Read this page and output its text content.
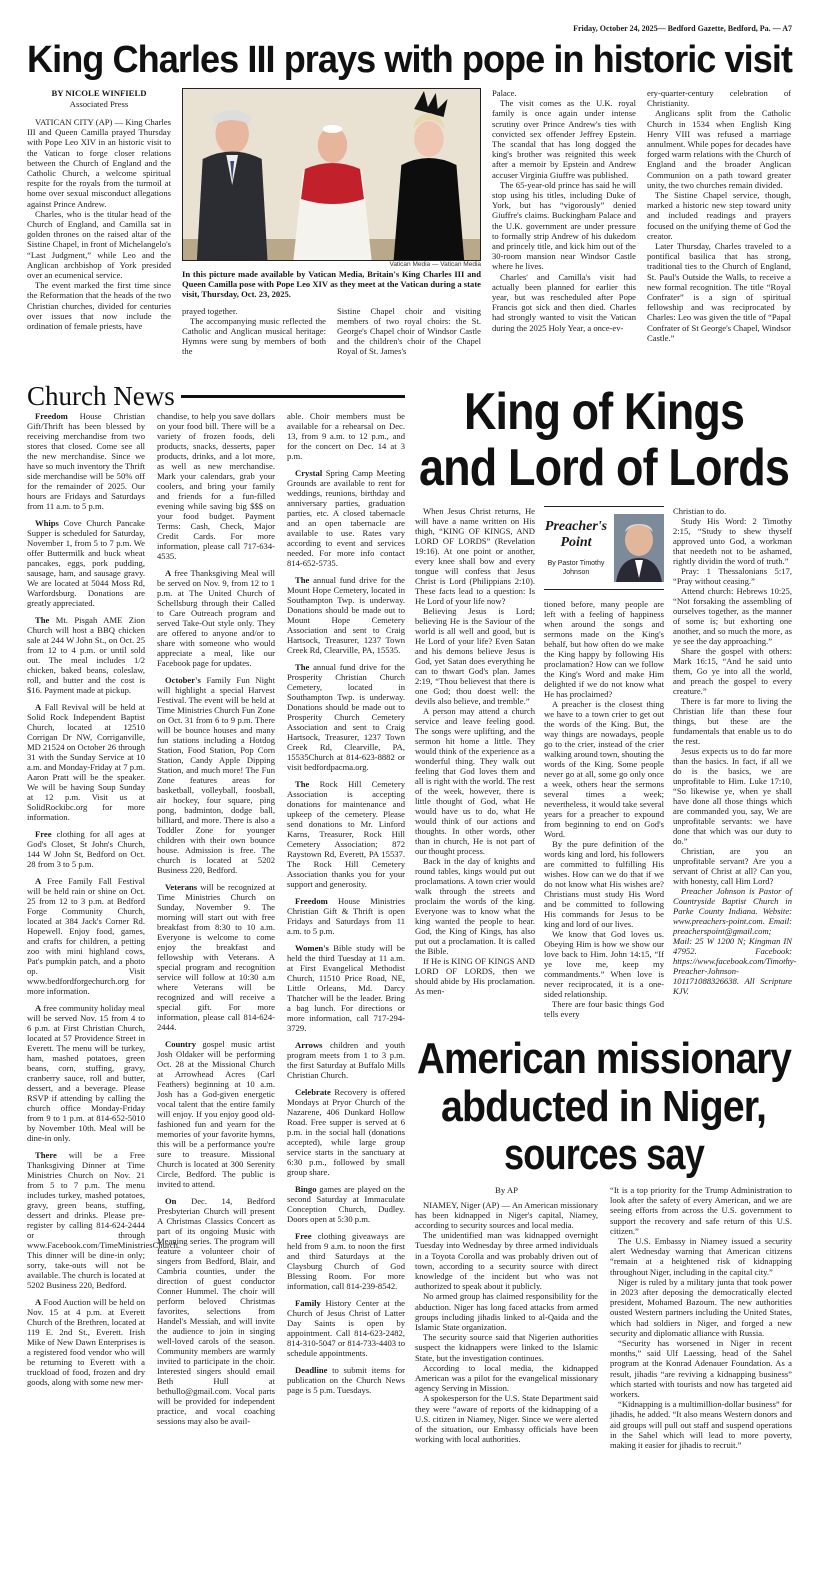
Friday, October 24, 2025— Bedford Gazette, Bedford, Pa. — A7
King Charles III prays with pope in historic visit
BY NICOLE WINFIELD
Associated Press

VATICAN CITY (AP) — King Charles III and Queen Camilla prayed Thursday with Pope Leo XIV in an historic visit to the Vatican to forge closer relations between the Church of England and the Catholic Church, a welcome spiritual respite for the royals from the turmoil at home over sexual misconduct allegations against Prince Andrew.

Charles, who is the titular head of the Church of England, and Camilla sat in golden thrones on the raised altar of the Sistine Chapel, in front of Michelangelo's “Last Judgment,” while Leo and the Anglican archbishop of York presided over an ecumenical service.

The event marked the first time since the Reformation that the heads of the two Christian churches, divided for centuries over issues that now include the ordination of female priests, have

Vatican Media — Vatican Media
In this picture made available by Vatican Media, Britain's King Charles III and Queen Camilla pose with Pope Leo XIV as they meet at the Vatican during a state visit, Thursday, Oct. 23, 2025.

prayed together.

The accompanying music reflected the Catholic and Anglican musical heritage: Hymns were sung by members of both the

Sistine Chapel choir and visiting members of two royal choirs: the St. George's Chapel choir of Windsor Castle and the children's choir of the Chapel Royal of St. James's

Palace.

The visit comes as the U.K. royal family is once again under intense scrutiny over Prince Andrew's ties with convicted sex offender Jeffrey Epstein. The scandal that has long dogged the king's brother was reignited this week after a memoir by Epstein and Andrew accuser Virginia Giuffre was published.

The 65-year-old prince has said he will stop using his titles, including Duke of York, but has “vigorously” denied Giuffre's claims. Buckingham Palace and the U.K. government are under pressure to formally strip Andrew of his dukedom and princely title, and kick him out of the 30-room mansion near Windsor Castle where he lives.

Charles' and Camilla's visit had actually been planned for earlier this year, but was rescheduled after Pope Francis got sick and then died. Charles had strongly wanted to visit the Vatican during the 2025 Holy Year, a once-ev-

ery-quarter-century celebration of Christianity.

Anglicans split from the Catholic Church in 1534 when English King Henry VIII was refused a marriage annulment. While popes for decades have forged warm relations with the Church of England and the broader Anglican Communion on a path toward greater unity, the two churches remain divided.

The Sistine Chapel service, though, marked a historic new step toward unity and included readings and prayers focused on the unifying theme of God the creator.

Later Thursday, Charles traveled to a pontifical basilica that has strong, traditional ties to the Church of England, St. Paul's Outside the Walls, to receive a new formal recognition. The title “Royal Confrater” is a sign of spiritual fellowship and was reciprocated by Charles: Leo was given the title of “Papal Confrater of St George's Chapel, Windsor Castle.”

Church News

Freedom House Christian Gift/Thrift has been blessed by receiving merchandise from two stores that closed. Come see all the new merchandise. Since we have so much inventory the Thrift side merchandise will be 50% off for the remainder of 2025. Our hours are Fridays and Saturdays from 11 a.m. to 5 p.m.

Whips Cove Church Pancake Supper is scheduled for Saturday, November 1, from 5 to 7 p.m. We offer Buttermilk and buck wheat pancakes, eggs, pork pudding, sausage, ham, and sausage gravy. We are located at 5044 Moss Rd, Warfordsburg. Donations are greatly appreciated.

The Mt. Pisgah AME Zion Church will host a BBQ chicken sale at 244 W John St., on Oct. 25 from 12 to 4 p.m. or until sold out. The meal includes 1/2 chicken, baked beans, coleslaw, roll, and butter and the cost is $16. Payment made at pickup.

A Fall Revival will be held at Solid Rock Independent Baptist Church, located at 12510 Corrigan Dr NW, Corriganville, MD 21524 on October 26 through 31 with the Sunday Service at 10 a.m. and Monday-Friday at 7 p.m. Aaron Pratt will be the speaker. We will be having Soup Sunday at 12 p.m. Visit us at SolidRockibc.org for more information.

Free clothing for all ages at God's Closet, St John's Church, 144 W John St, Bedford on Oct. 28 from 3 to 5 p.m.

A Free Family Fall Festival will be held rain or shine on Oct. 25 from 12 to 3 p.m. at Bedford Forge Community Church, located at 384 Jack's Corner Rd. Hopewell. Enjoy food, games, and crafts for children, a petting zoo with mini highland cows, Pat's pumpkin patch, and a photo op. Visit www.bedfordforgechurch.org for more information.

A free community holiday meal will be served Nov. 15 from 4 to 6 p.m. at First Christian Church, located at 57 Providence Street in Everett. The menu will be turkey, ham, mashed potatoes, green beans, corn, stuffing, gravy, cranberry sauce, roll and butter, dessert, and a beverage. Please RSVP if attending by calling the church office Monday-Friday from 9 to 1 p.m. at 814-652-5010 by November 10th. Meal will be dine-in only.

There will be a Free Thanksgiving Dinner at Time Ministries Church on Nov. 21 from 5 to 7 p.m. The menu includes turkey, mashed potatoes, gravy, green beans, stuffing, dessert and drinks. Please pre-register by calling 814-624-2444 or through www.Facebook.com/TimeMinistriesChurch. This dinner will be dine-in only; sorry, take-outs will not be available. The church is located at 5202 Business 220, Bedford.

A Food Auction will be held on Nov. 15 at 4 p.m. at Everett Church of the Brethren, located at 119 E. 2nd St., Everett. Irish Mike of New Dawn Enterprises is a registered food vendor who will be returning to Everett with a truckload of food, frozen and dry goods, along with some new mer-

chandise, to help you save dollars on your food bill. There will be a variety of frozen foods, deli products, snacks, desserts, paper products, drinks, and a lot more, as well as new merchandise. Mark your calendars, grab your coolers, and bring your family and friends for a fun-filled evening while saving big $$$ on your food budget. Payment Terms: Cash, Check, Major Credit Cards. For more information, please call 717-634-4535.

A free Thanksgiving Meal will be served on Nov. 9, from 12 to 1 p.m. at The United Church of Schellsburg through their Called to Care Outreach program and served Take-Out style only. They are offered to anyone and/or to share with someone who would appreciate a meal, like our Facebook page for updates.

October's Family Fun Night will highlight a special Harvest Festival. The event will be held at Time Ministries Church Fun Zone on Oct. 31 from 6 to 9 p.m. There will be bounce houses and many fun stations including a Hotdog Station, Food Station, Pop Corn Station, Candy Apple Dipping Station, and much more! The Fun Zone features areas for basketball, volleyball, foosball, air hockey, four square, ping pong, badminton, dodge ball, billiard, and more. There is also a Toddler Zone for younger children with their own bounce house. Admission is free. The church is located at 5202 Business 220, Bedford.

Veterans will be recognized at Time Ministries Church on Sunday, November 9. The morning will start out with free breakfast from 8:30 to 10 a.m. Everyone is welcome to come enjoy the breakfast and fellowship with Veterans. A special program and recognition service will follow at 10:30 a.m where Veterans will be recognized and will receive a special gift. For more information, please call 814-624-2444.

Country gospel music artist Josh Oldaker will be performing Oct. 28 at the Missional Church at Arrowhead Acres (Carl Feathers) beginning at 10 a.m. Josh has a God-given energetic vocal talent that the entire family will enjoy. If you enjoy good old-fashioned fun and yearn for the memories of your favorite hymns, this will be a performance you're sure to treasure. Missional Church is located at 300 Serenity Circle, Bedford. The public is invited to attend.

On Dec. 14, Bedford Presbyterian Church will present A Christmas Classics Concert as part of its ongoing Music with Meaning series. The program will feature a volunteer choir of singers from Bedford, Blair, and Cambria counties, under the direction of guest conductor Conner Hummel. The choir will perform beloved Christmas favorites, selections from Handel's Messiah, and will invite the audience to join in singing well-loved carols of the season. Community members are warmly invited to participate in the choir. Interested singers should email Beth Hull at bethullo@gmail.com. Vocal parts will be provided for independent practice, and vocal coaching sessions may also be avail-

able. Choir members must be available for a rehearsal on Dec. 13, from 9 a.m. to 12 p.m., and for the concert on Dec. 14 at 3 p.m.

Crystal Spring Camp Meeting Grounds are available to rent for weddings, reunions, birthday and anniversary parties, graduation parties, etc. A closed tabernacle and an open tabernacle are available to use. Rates vary according to event and services needed. For more info contact 814-652-5735.

The annual fund drive for the Mount Hope Cemetery, located in Southampton Twp. is underway. Donations should be made out to Mount Hope Cemetery Association and sent to Craig Hartsock, Treasurer, 1237 Town Creek Rd, Clearville, PA, 15535.

The annual fund drive for the Prosperity Christian Church Cemetery, located in Southampton Twp. is underway. Donations should be made out to Prosperity Church Cemetery Association and sent to Craig Hartsock, Treasurer, 1237 Town Creek Rd, Clearville, PA, 15535Church at 814-623-8882 or visit bedfordpacma.org.

The Rock Hill Cemetery Association is accepting donations for maintenance and upkeep of the cemetery. Please send donations to Mr. Linford Karns, Treasurer, Rock Hill Cemetery Association; 872 Raystown Rd, Everett, PA 15537. The Rock Hill Cemetery Association thanks you for your support and generosity.

Freedom House Ministries Christian Gift & Thrift is open Fridays and Saturdays from 11 a.m. to 5 p.m.

Women's Bible study will be held the third Tuesday at 11 a.m. at First Evangelical Methodist Church, 11510 Price Road, NE, Little Orleans, Md. Darcy Thatcher will be the leader. Bring a bag lunch. For directions or more information, call 717-294-3729.

Arrows children and youth program meets from 1 to 3 p.m. the first Saturday at Buffalo Mills Christian Church.

Celebrate Recovery is offered Mondays at Pryor Church of the Nazarene, 406 Dunkard Hollow Road. Free supper is served at 6 p.m. in the social hall (donations accepted), while large group service starts in the sanctuary at 6:30 p.m., followed by small group share.

Bingo games are played on the second Saturday at Immaculate Conception Church, Dudley. Doors open at 5:30 p.m.

Free clothing giveaways are held from 9 a.m. to noon the first and third Saturdays at the Claysburg Church of God Blessing Room. For more information, call 814-239-8542.

Family History Center at the Church of Jesus Christ of Latter Day Saints is open by appointment. Call 814-623-2482, 814-310-5047 or 814-733-4403 to schedule appointments.

Deadline to submit items for publication on the Church News page is 5 p.m. Tuesdays.

King of Kings
and Lord of Lords

When Jesus Christ returns, He will have a name written on His thigh, “KING OF KINGS, AND LORD OF LORDS” (Revelation 19:16). At one point or another, every knee shall bow and every tongue will confess that Jesus Christ is Lord (Philippians 2:10). These facts lead to a question: Is He Lord of your life now?

Believing Jesus is Lord; believing He is the Saviour of the world is all well and good, but is He Lord of your life? Even Satan and his demons believe Jesus is God, yet Satan does everything he can to thwart God's plan. James 2:19, “Thou believest that there is one God; thou doest well: the devils also believe, and tremble.”

A person may attend a church service and leave feeling good. The songs were uplifting, and the sermon hit home a little. They would think of the experience as a wonderful thing. They walk out feeling that God loves them and all is right with the world. The rest of the week, however, there is little thought of God, what He would have us to do, what He would think of our actions and thoughts. In other words, other than in church, He is not part of our thought process.

Back in the day of knights and round tables, kings would put out proclamations. A town crier would walk through the streets and proclaim the words of the king. Everyone was to know what the king wanted the people to hear. God, the King of Kings, has also put out a proclamation. It is called the Bible.

If He is KING OF KINGS AND LORD OF LORDS, then we should abide by His proclamation. As men-

Preacher's Point
By Pastor Timothy Johnson

tioned before, many people are left with a feeling of happiness when around the songs and sermons made on the King's behalf, but how often do we make the King happy by following His proclamation? How can we follow the King's Word and make Him delighted if we do not know what He has proclaimed?

A preacher is the closest thing we have to a town crier to get out the words of the King. But, the way things are nowadays, people go to the crier, instead of the crier walking around town, shouting the words of the King. Some people never go at all, some go only once a week, others hear the sermons several times a week; nevertheless, it would take several years for a preacher to expound from beginning to end on God's Word.

By the pure definition of the words king and lord, his followers are committed to fulfilling His wishes. How can we do that if we do not know what His wishes are? Christians must study His Word and be committed to following His commands for Jesus to be king and lord of our lives.

We know that God loves us. Obeying Him is how we show our love back to Him. John 14:15, “If ye love me, keep my commandments.” When love is never reciprocated, it is a one-sided relationship.

There are four basic things God tells every

Christian to do.

Study His Word: 2 Timothy 2:15, “Study to shew thyself approved unto God, a workman that needeth not to be ashamed, rightly dividin the word of truth.”

Pray: 1 Thessalonians 5:17, “Pray without ceasing.”

Attend church: Hebrews 10:25, “Not forsaking the assembling of ourselves together, as the manner of some is; but exhorting one another, and so much the more, as ye see the day approaching.”

Share the gospel with others: Mark 16:15, “And he said unto them, Go ye into all the world, and preach the gospel to every creature.”

There is far more to living the Christian life than these four things, but these are the fundamentals that enable us to do the rest.

Jesus expects us to do far more than the basics. In fact, if all we do is the basics, we are unprofitable to Him. Luke 17:10, “So likewise ye, when ye shall have done all those things which are commanded you, say, We are unprofitable servants: we have done that which was our duty to do.”

Christian, are you an unprofitable servant? Are you a servant of Christ at all? Can you, with honesty, call Him Lord?

Preacher Johnson is Pastor of Countryside Baptist Church in Parke County Indiana. Website: www.preachers-point.com. Email: preacherspoint@gmail.com; Mail: 25 W 1200 N; Kingman IN 47952. Facebook: https://www.facebook.com/Timothy-Preacher-Johnson-101171088326638. All Scripture KJV.

American missionary
abducted in Niger,
sources say
By AP

NIAMEY, Niger (AP) — An American missionary has been kidnapped in Niger's capital, Niamey, according to security sources and local media.

The unidentified man was kidnapped overnight Tuesday into Wednesday by three armed individuals in a Toyota Corolla and was probably driven out of town, according to a security source with direct knowledge of the incident but who was not authorized to speak about it publicly.

No armed group has claimed responsibility for the abduction. Niger has long faced attacks from armed groups including jihadis linked to al-Qaida and the Islamic State organization.

The security source said that Nigerien authorities suspect the kidnappers were linked to the Islamic State, but the investigation continues.

According to local media, the kidnapped American was a pilot for the evangelical missionary agency Serving in Mission.

A spokesperson for the U.S. State Department said they were “aware of reports of the kidnapping of a U.S. citizen in Niamey, Niger. Since we were alerted of the situation, our Embassy officials have been working with local authorities.

“It is a top priority for the Trump Administration to look after the safety of every American, and we are seeing efforts from across the U.S. government to support the recovery and safe return of this U.S. citizen.”

The U.S. Embassy in Niamey issued a security alert Wednesday warning that American citizens “remain at a heightened risk of kidnapping throughout Niger, including in the capital city.”

Niger is ruled by a military junta that took power in 2023 after deposing the democratically elected president, Mohamed Bazoum. The new authorities ousted Western partners including the United States, which had soldiers in Niger, and forged a new security and diplomatic alliance with Russia.

“Security has worsened in Niger in recent months,” said Ulf Laessing, head of the Sahel program at the Konrad Adenauer Foundation. As a result, jihadis “are reviving a kidnapping business” which started with tourists and now has targeted aid workers.

“Kidnapping is a multimillion-dollar business” for jihadis, he added. “It also means Western donors and aid groups will pull out staff and suspend operations in the Sahel which will lead to more poverty, making it easier for jihadis to recruit.”
